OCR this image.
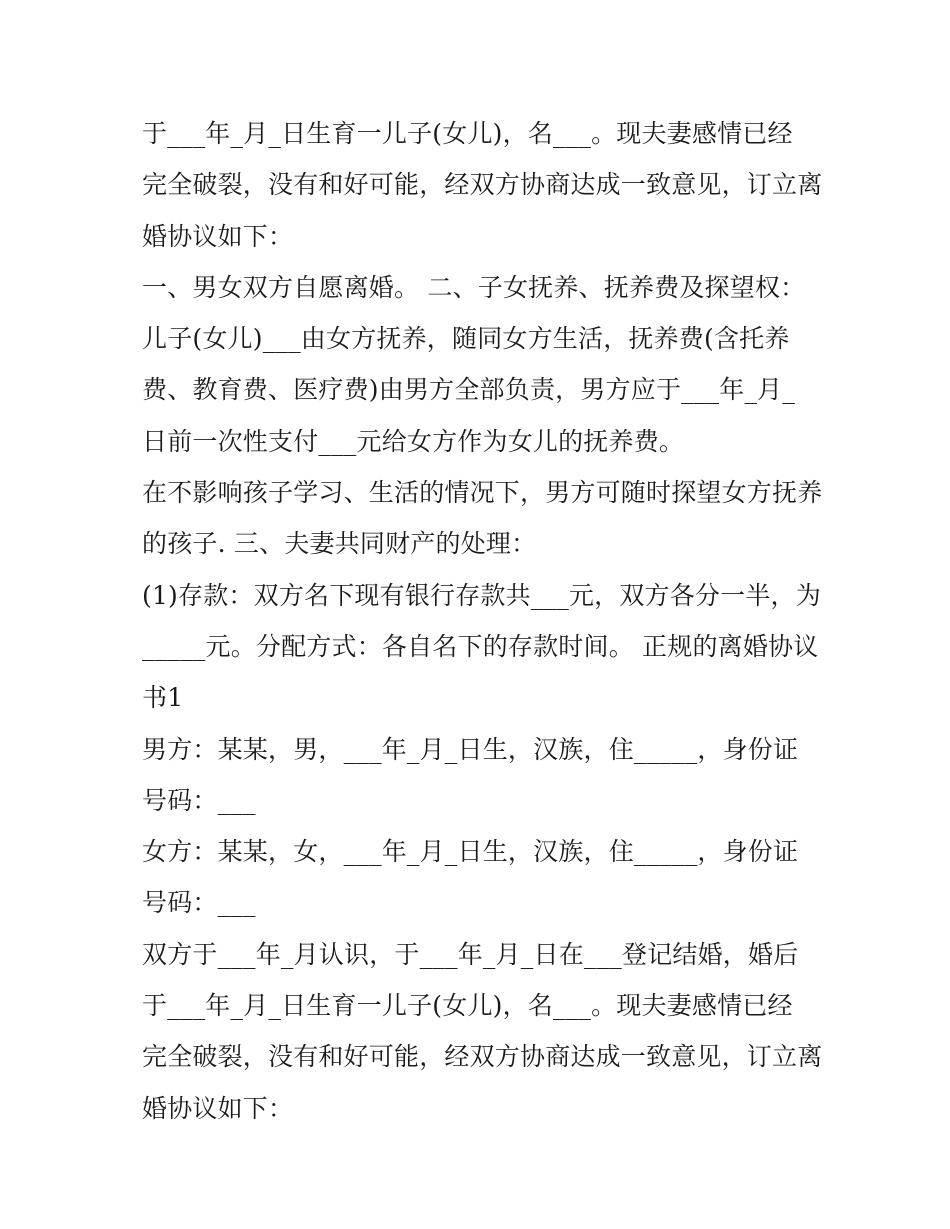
于___年_月_日生育一儿子(女儿)，名___。现夫妻感情已经
完全破裂，没有和好可能，经双方协商达成一致意见，订立离
婚协议如下：
一、男女双方自愿离婚。 二、子女抚养、抚养费及探望权：
儿子(女儿)___由女方抚养，随同女方生活，抚养费(含托养
费、教育费、医疗费)由男方全部负责，男方应于___年_月_
日前一次性支付___元给女方作为女儿的抚养费。
在不影响孩子学习、生活的情况下，男方可随时探望女方抚养
的孩子. 三、夫妻共同财产的处理：
(1)存款：双方名下现有银行存款共___元，双方各分一半，为
_____元。分配方式：各自名下的存款时间。 正规的离婚协议
书1
男方：某某，男，___年_月_日生，汉族，住_____，身份证
号码：___
女方：某某，女，___年_月_日生，汉族，住_____，身份证
号码：___
双方于___年_月认识，于___年_月_日在___登记结婚，婚后
于___年_月_日生育一儿子(女儿)，名___。现夫妻感情已经
完全破裂，没有和好可能，经双方协商达成一致意见，订立离
婚协议如下：
